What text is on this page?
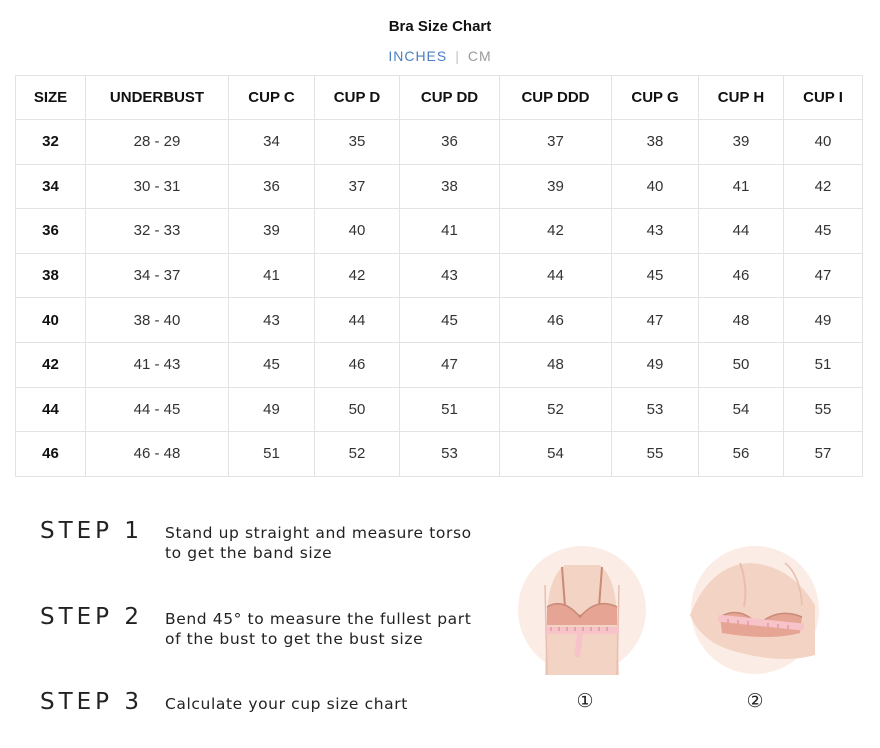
Bra Size Chart
INCHES | CM
SIZE	UNDERBUST	CUP C	CUP D	CUP DD	CUP DDD	CUP G	CUP H	CUP I
32	28 - 29	34	35	36	37	38	39	40
34	30 - 31	36	37	38	39	40	41	42
36	32 - 33	39	40	41	42	43	44	45
38	34 - 37	41	42	43	44	45	46	47
40	38 - 40	43	44	45	46	47	48	49
42	41 - 43	45	46	47	48	49	50	51
44	44 - 45	49	50	51	52	53	54	55
46	46 - 48	51	52	53	54	55	56	57
STEP 1 Stand up straight and measure torso
to get the band size
STEP 2 Bend 45° to measure the fullest part
of the bust to get the bust size
STEP 3 Calculate your cup size chart	①	②
